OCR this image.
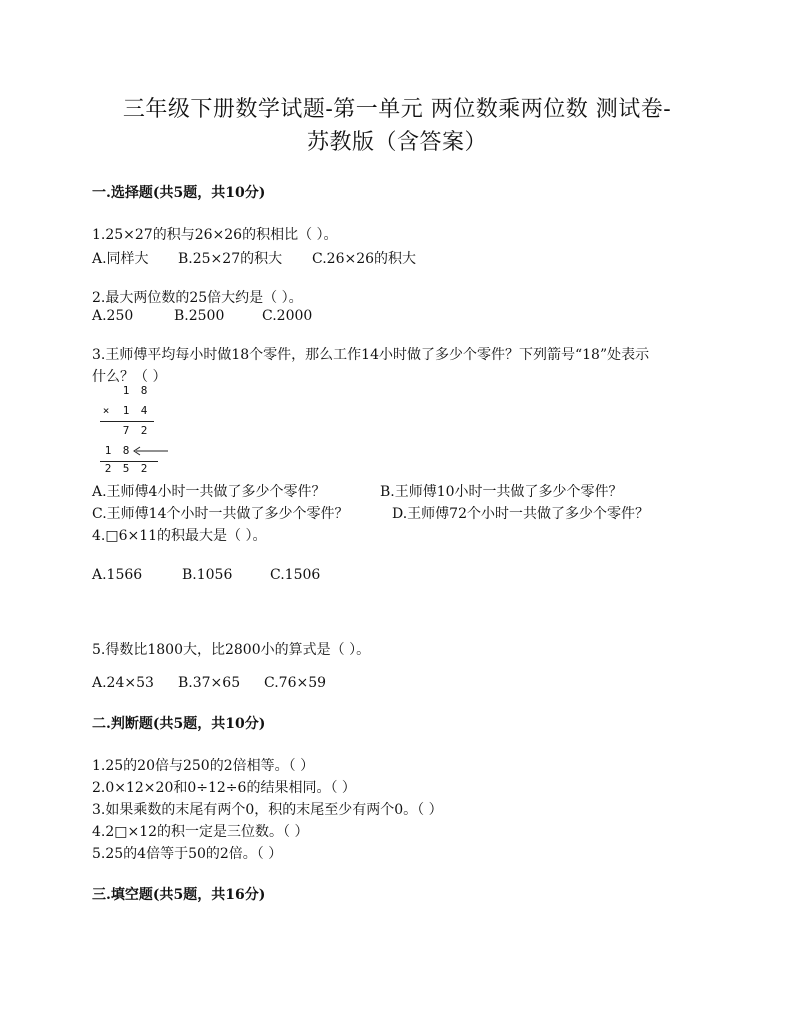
三年级下册数学试题-第一单元 两位数乘两位数 测试卷-
苏教版（含答案）
一.选择题(共5题，共10分)
1.25×27的积与26×26的积相比（ ）。
A.同样大	B.25×27的积大	C.26×26的积大
2.最大两位数的25倍大约是（ ）。
A.250	B.2500	C.2000
3.王师傅平均每小时做18个零件，那么工作14小时做了多少个零件？下列箭号“18”处表示
什么？（ ）
1 8
× 1 4
7 2
1 8
2 5 2
A.王师傅4小时一共做了多少个零件？	B.王师傅10小时一共做了多少个零件？
C.王师傅14个小时一共做了多少个零件？	D.王师傅72个小时一共做了多少个零件？
4.□6×11的积最大是（ ）。
A.1566	B.1056	C.1506
5.得数比1800大，比2800小的算式是（ ）。
A.24×53	B.37×65	C.76×59
二.判断题(共5题，共10分)
1.25的20倍与250的2倍相等。（ ）
2.0×12×20和0÷12÷6的结果相同。（ ）
3.如果乘数的末尾有两个0，积的末尾至少有两个0。（ ）
4.2□×12的积一定是三位数。（ ）
5.25的4倍等于50的2倍。（ ）
三.填空题(共5题，共16分)
